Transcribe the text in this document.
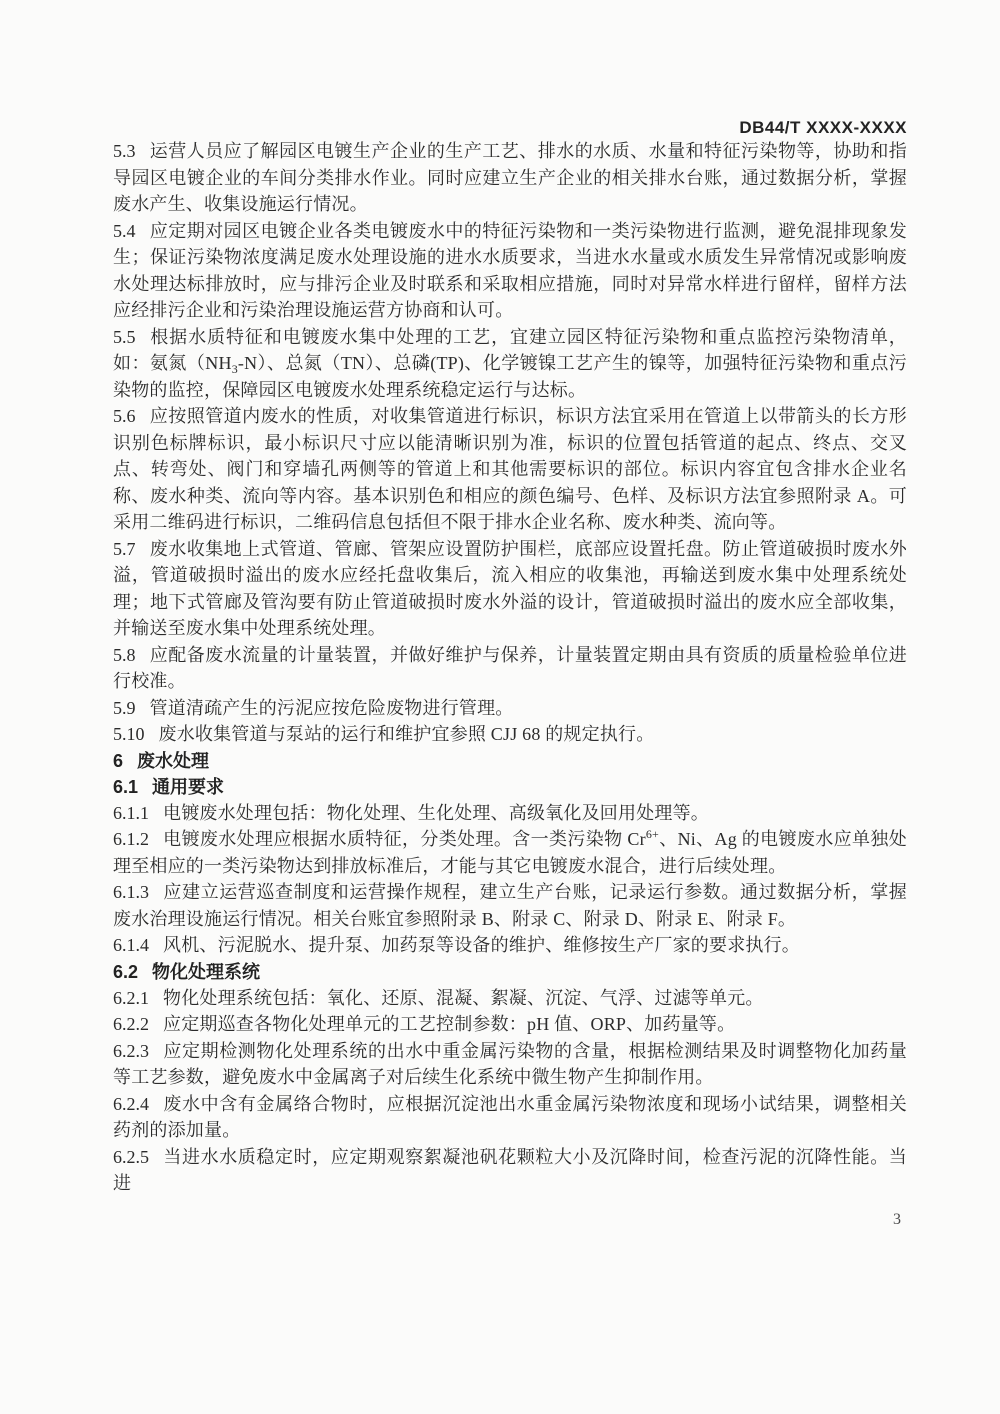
DB44/T XXXX-XXXX

5.3 运营人员应了解园区电镀生产企业的生产工艺、排水的水质、水量和特征污染物等，协助和指导园区电镀企业的车间分类排水作业。同时应建立生产企业的相关排水台账，通过数据分析，掌握废水产生、收集设施运行情况。

5.4 应定期对园区电镀企业各类电镀废水中的特征污染物和一类污染物进行监测，避免混排现象发生；保证污染物浓度满足废水处理设施的进水水质要求，当进水水量或水质发生异常情况或影响废水处理达标排放时，应与排污企业及时联系和采取相应措施，同时对异常水样进行留样，留样方法应经排污企业和污染治理设施运营方协商和认可。

5.5 根据水质特征和电镀废水集中处理的工艺，宜建立园区特征污染物和重点监控污染物清单，如：氨氮$(NH_3-N)$、总氮（TN）、总磷(TP)、化学镀镍工艺产生的镍等，加强特征污染物和重点污染物的监控，保障园区电镀废水处理系统稳定运行与达标。

5.6 应按照管道内废水的性质，对收集管道进行标识，标识方法宜采用在管道上以带箭头的长方形识别色标牌标识，最小标识尺寸应以能清晰识别为准，标识的位置包括管道的起点、终点、交叉点、转弯处、阀门和穿墙孔两侧等的管道上和其他需要标识的部位。标识内容宜包含排水企业名称、废水种类、流向等内容。基本识别色和相应的颜色编号、色样、及标识方法宜参照附录 A。可采用二维码进行标识，二维码信息包括但不限于排水企业名称、废水种类、流向等。

5.7 废水收集地上式管道、管廊、管架应设置防护围栏，底部应设置托盘。防止管道破损时废水外溢，管道破损时溢出的废水应经托盘收集后，流入相应的收集池，再输送到废水集中处理系统处理；地下式管廊及管沟要有防止管道破损时废水外溢的设计，管道破损时溢出的废水应全部收集，并输送至废水集中处理系统处理。

5.8 应配备废水流量的计量装置，并做好维护与保养，计量装置定期由具有资质的质量检验单位进行校准。

5.9 管道清疏产生的污泥应按危险废物进行管理。

5.10 废水收集管道与泵站的运行和维护宜参照 CJJ 68 的规定执行。

6 废水处理
6.1 通用要求

6.1.1 电镀废水处理包括：物化处理、生化处理、高级氧化及回用处理等。

6.1.2 电镀废水处理应根据水质特征，分类处理。含一类污染物 $Cr^{6+}$、Ni、Ag 的电镀废水应单独处理至相应的一类污染物达到排放标准后，才能与其它电镀废水混合，进行后续处理。

6.1.3 应建立运营巡查制度和运营操作规程，建立生产台账，记录运行参数。通过数据分析，掌握废水治理设施运行情况。相关台账宜参照附录 B、附录 C、附录 D、附录 E、附录 F。

6.1.4 风机、污泥脱水、提升泵、加药泵等设备的维护、维修按生产厂家的要求执行。

6.2 物化处理系统

6.2.1 物化处理系统包括：氧化、还原、混凝、絮凝、沉淀、气浮、过滤等单元。

6.2.2 应定期巡查各物化处理单元的工艺控制参数：pH 值、ORP、加药量等。

6.2.3 应定期检测物化处理系统的出水中重金属污染物的含量，根据检测结果及时调整物化加药量等工艺参数，避免废水中金属离子对后续生化系统中微生物产生抑制作用。

6.2.4 废水中含有金属络合物时，应根据沉淀池出水重金属污染物浓度和现场小试结果，调整相关药剂的添加量。

6.2.5 当进水水质稳定时，应定期观察絮凝池矾花颗粒大小及沉降时间，检查污泥的沉降性能。当进

3
